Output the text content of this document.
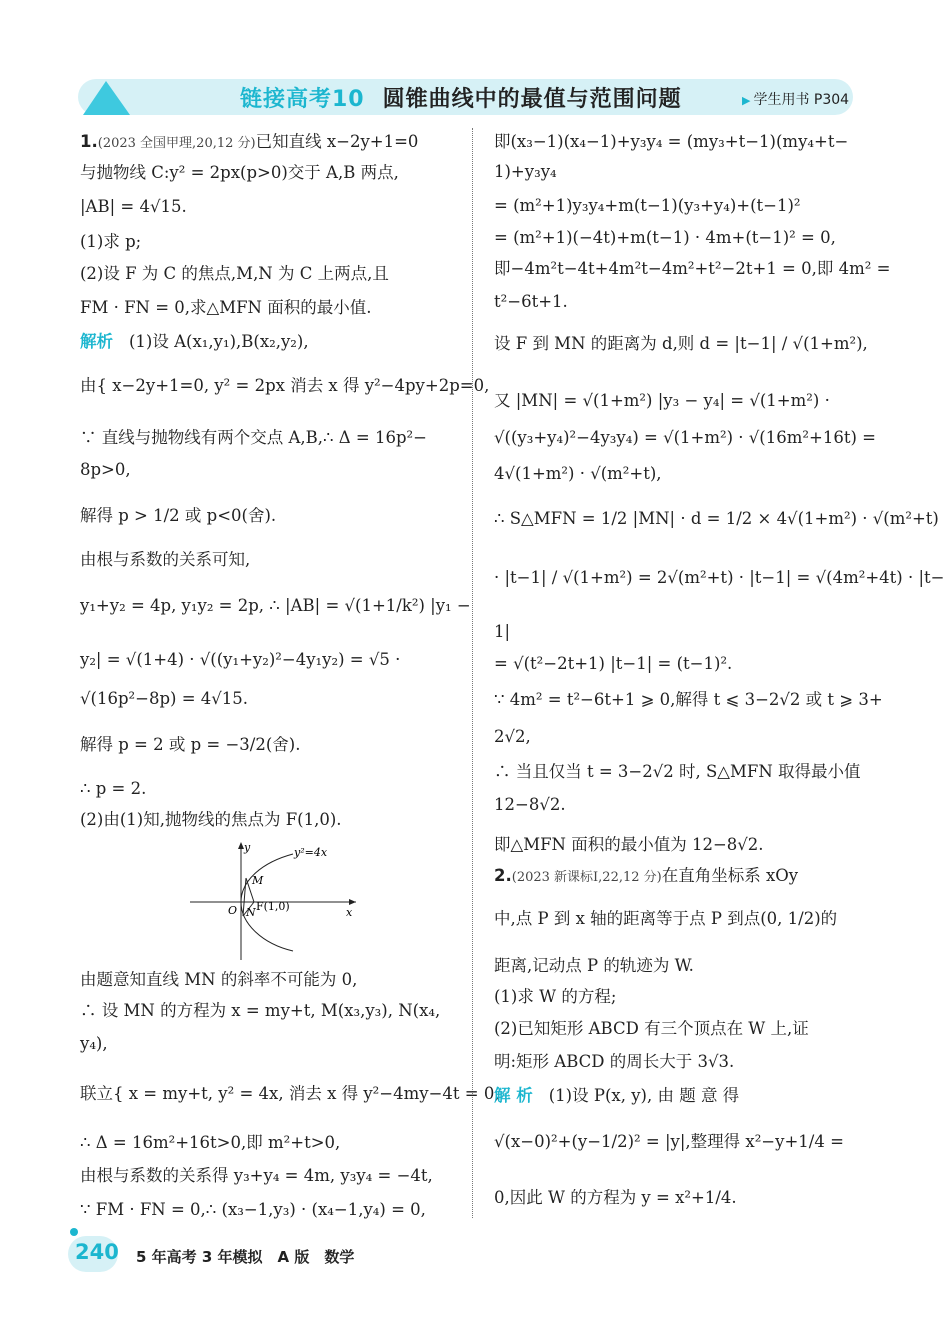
链接高考10 圆锥曲线中的最值与范围问题	▶ 学生用书 P304
1.(2023 全国甲理,20,12 分)已知直线 x−2y+1=0
与抛物线 C:y² = 2px(p>0)交于 A,B 两点,
|AB| = 4√15.
(1)求 p;
(2)设 F 为 C 的焦点,M,N 为 C 上两点,且
FM · FN = 0,求△MFN 面积的最小值.
解析 (1)设 A(x₁,y₁),B(x₂,y₂),
由{ x−2y+1=0, y² = 2px 消去 x 得 y²−4py+2p=0,
∵ 直线与抛物线有两个交点 A,B,∴ Δ = 16p²−
8p>0,
解得 p > 1/2 或 p<0(舍).
由根与系数的关系可知,
y₁+y₂ = 4p, y₁y₂ = 2p, ∴ |AB| = √(1+1/k²) |y₁ −
y₂| = √(1+4) · √((y₁+y₂)²−4y₁y₂) = √5 ·
√(16p²−8p) = 4√15.
解得 p = 2 或 p = −3/2(舍).
∴ p = 2.
(2)由(1)知,抛物线的焦点为 F(1,0).
由题意知直线 MN 的斜率不可能为 0,
∴ 设 MN 的方程为 x = my+t, M(x₃,y₃), N(x₄,
y₄),
联立{ x = my+t, y² = 4x, 消去 x 得 y²−4my−4t = 0,
∴ Δ = 16m²+16t>0,即 m²+t>0,
由根与系数的关系得 y₃+y₄ = 4m, y₃y₄ = −4t,
∵ FM · FN = 0,∴ (x₃−1,y₃) · (x₄−1,y₄) = 0,
即(x₃−1)(x₄−1)+y₃y₄ = (my₃+t−1)(my₄+t−
1)+y₃y₄
= (m²+1)y₃y₄+m(t−1)(y₃+y₄)+(t−1)²
= (m²+1)(−4t)+m(t−1) · 4m+(t−1)² = 0,
即−4m²t−4t+4m²t−4m²+t²−2t+1 = 0,即 4m² =
t²−6t+1.
设 F 到 MN 的距离为 d,则 d = |t−1| / √(1+m²),
又 |MN| = √(1+m²) |y₃ − y₄| = √(1+m²) ·
√((y₃+y₄)²−4y₃y₄) = √(1+m²) · √(16m²+16t) =
4√(1+m²) · √(m²+t),
∴ S△MFN = 1/2 |MN| · d = 1/2 × 4√(1+m²) · √(m²+t)
· |t−1| / √(1+m²) = 2√(m²+t) · |t−1| = √(4m²+4t) · |t−
1|
= √(t²−2t+1) |t−1| = (t−1)².
∵ 4m² = t²−6t+1 ⩾ 0,解得 t ⩽ 3−2√2 或 t ⩾ 3+
2√2,
∴ 当且仅当 t = 3−2√2 时, S△MFN 取得最小值
12−8√2.
即△MFN 面积的最小值为 12−8√2.
2.(2023 新课标Ⅰ,22,12 分)在直角坐标系 xOy
中,点 P 到 x 轴的距离等于点 P 到点(0, 1/2)的
距离,记动点 P 的轨迹为 W.
(1)求 W 的方程;
(2)已知矩形 ABCD 有三个顶点在 W 上,证
明:矩形 ABCD 的周长大于 3√3.
解 析 (1)设 P(x, y), 由 题 意 得
√(x−0)²+(y−1/2)² = |y|,整理得 x²−y+1/4 =
0,因此 W 的方程为 y = x²+1/4.
y²=4x
x
y
O
M
N F(1,0)
240 5 年高考 3 年模拟　A 版　数学
